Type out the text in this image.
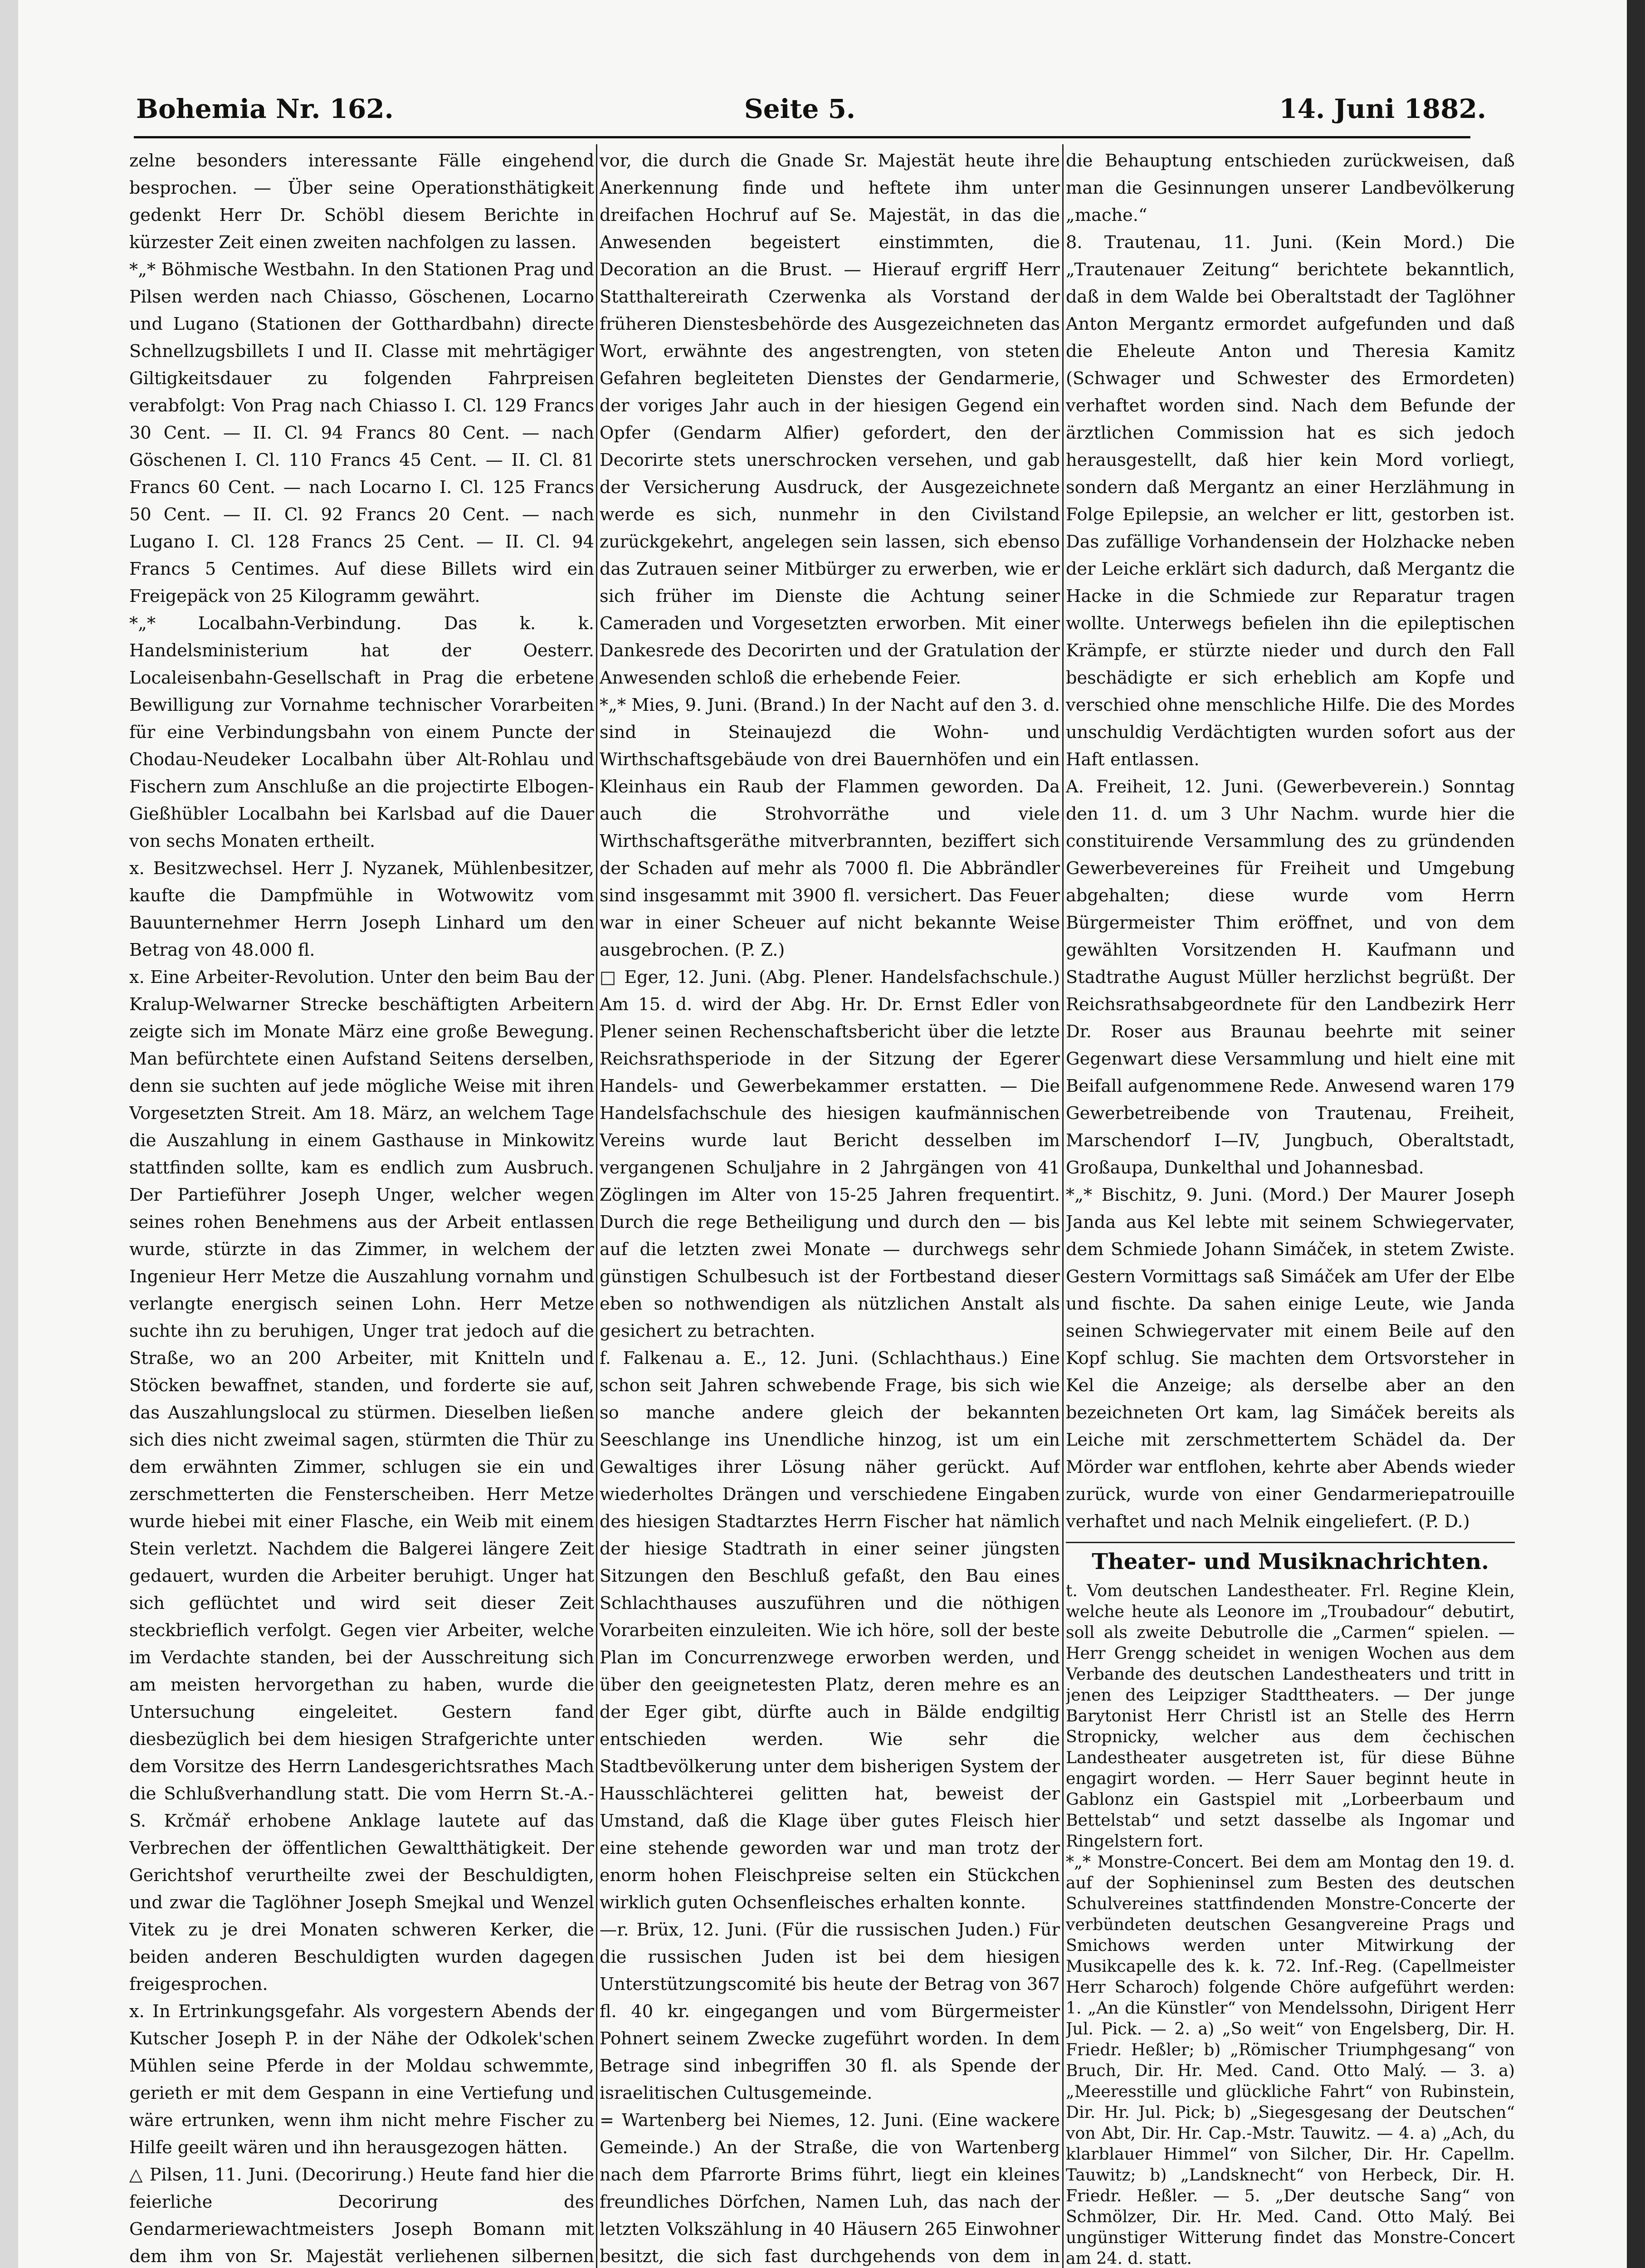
Bohemia Nr. 162.	Seite 5.	14. Juni 1882.

zelne besonders interessante Fälle eingehend besprochen. — Über seine Operationsthätigkeit gedenkt Herr Dr. Schöbl diesem Berichte in kürzester Zeit einen zweiten nachfolgen zu lassen.

*„* Böhmische Westbahn. In den Stationen Prag und Pilsen werden nach Chiasso, Göschenen, Locarno und Lugano (Stationen der Gotthardbahn) directe Schnellzugsbillets I und II. Classe mit mehrtägiger Giltigkeitsdauer zu folgenden Fahrpreisen verabfolgt: Von Prag nach Chiasso I. Cl. 129 Francs 30 Cent. — II. Cl. 94 Francs 80 Cent. — nach Göschenen I. Cl. 110 Francs 45 Cent. — II. Cl. 81 Francs 60 Cent. — nach Locarno I. Cl. 125 Francs 50 Cent. — II. Cl. 92 Francs 20 Cent. — nach Lugano I. Cl. 128 Francs 25 Cent. — II. Cl. 94 Francs 5 Centimes. Auf diese Billets wird ein Freigepäck von 25 Kilogramm gewährt.

*„* Localbahn-Verbindung. Das k. k. Handelsministerium hat der Oesterr. Localeisenbahn-Gesellschaft in Prag die erbetene Bewilligung zur Vornahme technischer Vorarbeiten für eine Verbindungsbahn von einem Puncte der Chodau-Neudeker Localbahn über Alt-Rohlau und Fischern zum Anschluße an die projectirte Elbogen-Gießhübler Localbahn bei Karlsbad auf die Dauer von sechs Monaten ertheilt.

x. Besitzwechsel. Herr J. Nyzanek, Mühlenbesitzer, kaufte die Dampfmühle in Wotwowitz vom Bauunternehmer Herrn Joseph Linhard um den Betrag von 48.000 fl.

x. Eine Arbeiter-Revolution. Unter den beim Bau der Kralup-Welwarner Strecke beschäftigten Arbeitern zeigte sich im Monate März eine große Bewegung. Man befürchtete einen Aufstand Seitens derselben, denn sie suchten auf jede mögliche Weise mit ihren Vorgesetzten Streit. Am 18. März, an welchem Tage die Auszahlung in einem Gasthause in Minkowitz stattfinden sollte, kam es endlich zum Ausbruch. Der Partieführer Joseph Unger, welcher wegen seines rohen Benehmens aus der Arbeit entlassen wurde, stürzte in das Zimmer, in welchem der Ingenieur Herr Metze die Auszahlung vornahm und verlangte energisch seinen Lohn. Herr Metze suchte ihn zu beruhigen, Unger trat jedoch auf die Straße, wo an 200 Arbeiter, mit Knitteln und Stöcken bewaffnet, standen, und forderte sie auf, das Auszahlungslocal zu stürmen. Dieselben ließen sich dies nicht zweimal sagen, stürmten die Thür zu dem erwähnten Zimmer, schlugen sie ein und zerschmetterten die Fensterscheiben. Herr Metze wurde hiebei mit einer Flasche, ein Weib mit einem Stein verletzt. Nachdem die Balgerei längere Zeit gedauert, wurden die Arbeiter beruhigt. Unger hat sich geflüchtet und wird seit dieser Zeit steckbrieflich verfolgt. Gegen vier Arbeiter, welche im Verdachte standen, bei der Ausschreitung sich am meisten hervorgethan zu haben, wurde die Untersuchung eingeleitet. Gestern fand diesbezüglich bei dem hiesigen Strafgerichte unter dem Vorsitze des Herrn Landesgerichtsrathes Mach die Schlußverhandlung statt. Die vom Herrn St.-A.-S. Krčmář erhobene Anklage lautete auf das Verbrechen der öffentlichen Gewaltthätigkeit. Der Gerichtshof verurtheilte zwei der Beschuldigten, und zwar die Taglöhner Joseph Smejkal und Wenzel Vitek zu je drei Monaten schweren Kerker, die beiden anderen Beschuldigten wurden dagegen freigesprochen.

x. In Ertrinkungsgefahr. Als vorgestern Abends der Kutscher Joseph P. in der Nähe der Odkolek'schen Mühlen seine Pferde in der Moldau schwemmte, gerieth er mit dem Gespann in eine Vertiefung und wäre ertrunken, wenn ihm nicht mehre Fischer zu Hilfe geeilt wären und ihn herausgezogen hätten.

△ Pilsen, 11. Juni. (Decorirung.) Heute fand hier die feierliche Decorirung des Gendarmeriewachtmeisters Joseph Bomann mit dem ihm von Sr. Majestät verliehenen silbernen

vor, die durch die Gnade Sr. Majestät heute ihre Anerkennung finde und heftete ihm unter dreifachen Hochruf auf Se. Majestät, in das die Anwesenden begeistert einstimmten, die Decoration an die Brust. — Hierauf ergriff Herr Statthaltereirath Czerwenka als Vorstand der früheren Dienstesbehörde des Ausgezeichneten das Wort, erwähnte des angestrengten, von steten Gefahren begleiteten Dienstes der Gendarmerie, der voriges Jahr auch in der hiesigen Gegend ein Opfer (Gendarm Alfier) gefordert, den der Decorirte stets unerschrocken versehen, und gab der Versicherung Ausdruck, der Ausgezeichnete werde es sich, nunmehr in den Civilstand zurückgekehrt, angelegen sein lassen, sich ebenso das Zutrauen seiner Mitbürger zu erwerben, wie er sich früher im Dienste die Achtung seiner Cameraden und Vorgesetzten erworben. Mit einer Dankesrede des Decorirten und der Gratulation der Anwesenden schloß die erhebende Feier.

*„* Mies, 9. Juni. (Brand.) In der Nacht auf den 3. d. sind in Steinaujezd die Wohn- und Wirthschaftsgebäude von drei Bauernhöfen und ein Kleinhaus ein Raub der Flammen geworden. Da auch die Strohvorräthe und viele Wirthschaftsgeräthe mitverbrannten, beziffert sich der Schaden auf mehr als 7000 fl. Die Abbrändler sind insgesammt mit 3900 fl. versichert. Das Feuer war in einer Scheuer auf nicht bekannte Weise ausgebrochen. (P. Z.)

□ Eger, 12. Juni. (Abg. Plener. Handelsfachschule.) Am 15. d. wird der Abg. Hr. Dr. Ernst Edler von Plener seinen Rechenschaftsbericht über die letzte Reichsrathsperiode in der Sitzung der Egerer Handels- und Gewerbekammer erstatten. — Die Handelsfachschule des hiesigen kaufmännischen Vereins wurde laut Bericht desselben im vergangenen Schuljahre in 2 Jahrgängen von 41 Zöglingen im Alter von 15-25 Jahren frequentirt. Durch die rege Betheiligung und durch den — bis auf die letzten zwei Monate — durchwegs sehr günstigen Schulbesuch ist der Fortbestand dieser eben so nothwendigen als nützlichen Anstalt als gesichert zu betrachten.

f. Falkenau a. E., 12. Juni. (Schlachthaus.) Eine schon seit Jahren schwebende Frage, bis sich wie so manche andere gleich der bekannten Seeschlange ins Unendliche hinzog, ist um ein Gewaltiges ihrer Lösung näher gerückt. Auf wiederholtes Drängen und verschiedene Eingaben des hiesigen Stadtarztes Herrn Fischer hat nämlich der hiesige Stadtrath in einer seiner jüngsten Sitzungen den Beschluß gefaßt, den Bau eines Schlachthauses auszuführen und die nöthigen Vorarbeiten einzuleiten. Wie ich höre, soll der beste Plan im Concurrenzwege erworben werden, und über den geeignetesten Platz, deren mehre es an der Eger gibt, dürfte auch in Bälde endgiltig entschieden werden. Wie sehr die Stadtbevölkerung unter dem bisherigen System der Hausschlächterei gelitten hat, beweist der Umstand, daß die Klage über gutes Fleisch hier eine stehende geworden war und man trotz der enorm hohen Fleischpreise selten ein Stückchen wirklich guten Ochsenfleisches erhalten konnte.

—r. Brüx, 12. Juni. (Für die russischen Juden.) Für die russischen Juden ist bei dem hiesigen Unterstützungscomité bis heute der Betrag von 367 fl. 40 kr. eingegangen und vom Bürgermeister Pohnert seinem Zwecke zugeführt worden. In dem Betrage sind inbegriffen 30 fl. als Spende der israelitischen Cultusgemeinde.

= Wartenberg bei Niemes, 12. Juni. (Eine wackere Gemeinde.) An der Straße, die von Wartenberg nach dem Pfarrorte Brims führt, liegt ein kleines freundliches Dörfchen, Namen Luh, das nach der letzten Volkszählung in 40 Häusern 265 Einwohner besitzt, die sich fast durchgehends von dem in

die Behauptung entschieden zurückweisen, daß man die Gesinnungen unserer Landbevölkerung „mache.“

8. Trautenau, 11. Juni. (Kein Mord.) Die „Trautenauer Zeitung“ berichtete bekanntlich, daß in dem Walde bei Oberaltstadt der Taglöhner Anton Mergantz ermordet aufgefunden und daß die Eheleute Anton und Theresia Kamitz (Schwager und Schwester des Ermordeten) verhaftet worden sind. Nach dem Befunde der ärztlichen Commission hat es sich jedoch herausgestellt, daß hier kein Mord vorliegt, sondern daß Mergantz an einer Herzlähmung in Folge Epilepsie, an welcher er litt, gestorben ist. Das zufällige Vorhandensein der Holzhacke neben der Leiche erklärt sich dadurch, daß Mergantz die Hacke in die Schmiede zur Reparatur tragen wollte. Unterwegs befielen ihn die epileptischen Krämpfe, er stürzte nieder und durch den Fall beschädigte er sich erheblich am Kopfe und verschied ohne menschliche Hilfe. Die des Mordes unschuldig Verdächtigten wurden sofort aus der Haft entlassen.

A. Freiheit, 12. Juni. (Gewerbeverein.) Sonntag den 11. d. um 3 Uhr Nachm. wurde hier die constituirende Versammlung des zu gründenden Gewerbevereines für Freiheit und Umgebung abgehalten; diese wurde vom Herrn Bürgermeister Thim eröffnet, und von dem gewählten Vorsitzenden H. Kaufmann und Stadtrathe August Müller herzlichst begrüßt. Der Reichsrathsabgeordnete für den Landbezirk Herr Dr. Roser aus Braunau beehrte mit seiner Gegenwart diese Versammlung und hielt eine mit Beifall aufgenommene Rede. Anwesend waren 179 Gewerbetreibende von Trautenau, Freiheit, Marschendorf I—IV, Jungbuch, Oberaltstadt, Großaupa, Dunkelthal und Johannesbad.

*„* Bischitz, 9. Juni. (Mord.) Der Maurer Joseph Janda aus Kel lebte mit seinem Schwiegervater, dem Schmiede Johann Simáček, in stetem Zwiste. Gestern Vormittags saß Simáček am Ufer der Elbe und fischte. Da sahen einige Leute, wie Janda seinen Schwiegervater mit einem Beile auf den Kopf schlug. Sie machten dem Ortsvorsteher in Kel die Anzeige; als derselbe aber an den bezeichneten Ort kam, lag Simáček bereits als Leiche mit zerschmettertem Schädel da. Der Mörder war entflohen, kehrte aber Abends wieder zurück, wurde von einer Gendarmeriepatrouille verhaftet und nach Melnik eingeliefert. (P. D.)

Theater- und Musiknachrichten.

t. Vom deutschen Landestheater. Frl. Regine Klein, welche heute als Leonore im „Troubadour“ debutirt, soll als zweite Debutrolle die „Carmen“ spielen. — Herr Grengg scheidet in wenigen Wochen aus dem Verbande des deutschen Landestheaters und tritt in jenen des Leipziger Stadttheaters. — Der junge Barytonist Herr Christl ist an Stelle des Herrn Stropnicky, welcher aus dem čechischen Landestheater ausgetreten ist, für diese Bühne engagirt worden. — Herr Sauer beginnt heute in Gablonz ein Gastspiel mit „Lorbeerbaum und Bettelstab“ und setzt dasselbe als Ingomar und Ringelstern fort.

*„* Monstre-Concert. Bei dem am Montag den 19. d. auf der Sophieninsel zum Besten des deutschen Schulvereines stattfindenden Monstre-Concerte der verbündeten deutschen Gesangvereine Prags und Smichows werden unter Mitwirkung der Musikcapelle des k. k. 72. Inf.-Reg. (Capellmeister Herr Scharoch) folgende Chöre aufgeführt werden: 1. „An die Künstler“ von Mendelssohn, Dirigent Herr Jul. Pick. — 2. a) „So weit“ von Engelsberg, Dir. H. Friedr. Heßler; b) „Römischer Triumphgesang“ von Bruch, Dir. Hr. Med. Cand. Otto Malý. — 3. a) „Meeresstille und glückliche Fahrt“ von Rubinstein, Dir. Hr. Jul. Pick; b) „Siegesgesang der Deutschen“ von Abt, Dir. Hr. Cap.-Mstr. Tauwitz. — 4. a) „Ach, du klarblauer Himmel“ von Silcher, Dir. Hr. Capellm. Tauwitz; b) „Landsknecht“ von Herbeck, Dir. H. Friedr. Heßler. — 5. „Der deutsche Sang“ von Schmölzer, Dir. Hr. Med. Cand. Otto Malý. Bei ungünstiger Witterung findet das Monstre-Concert am 24. d. statt.
